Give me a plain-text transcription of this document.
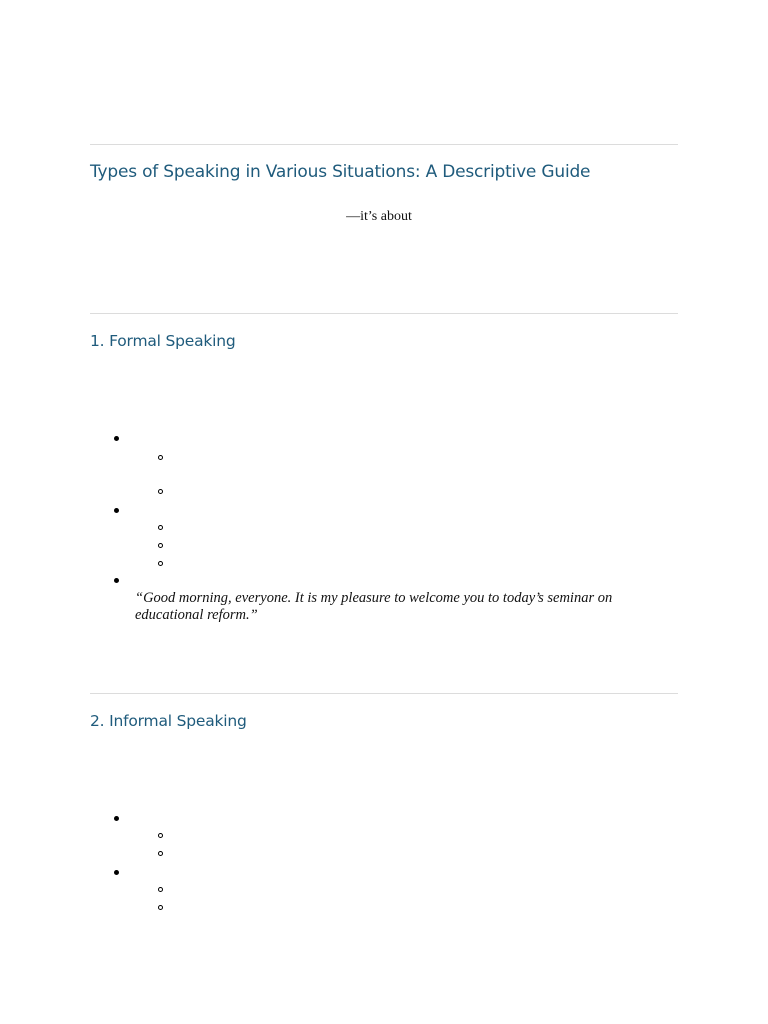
Types of Speaking in Various Situations: A Descriptive Guide
—it’s about
1. Formal Speaking
“Good morning, everyone. It is my pleasure to welcome you to today’s seminar on educational reform.”
2. Informal Speaking
